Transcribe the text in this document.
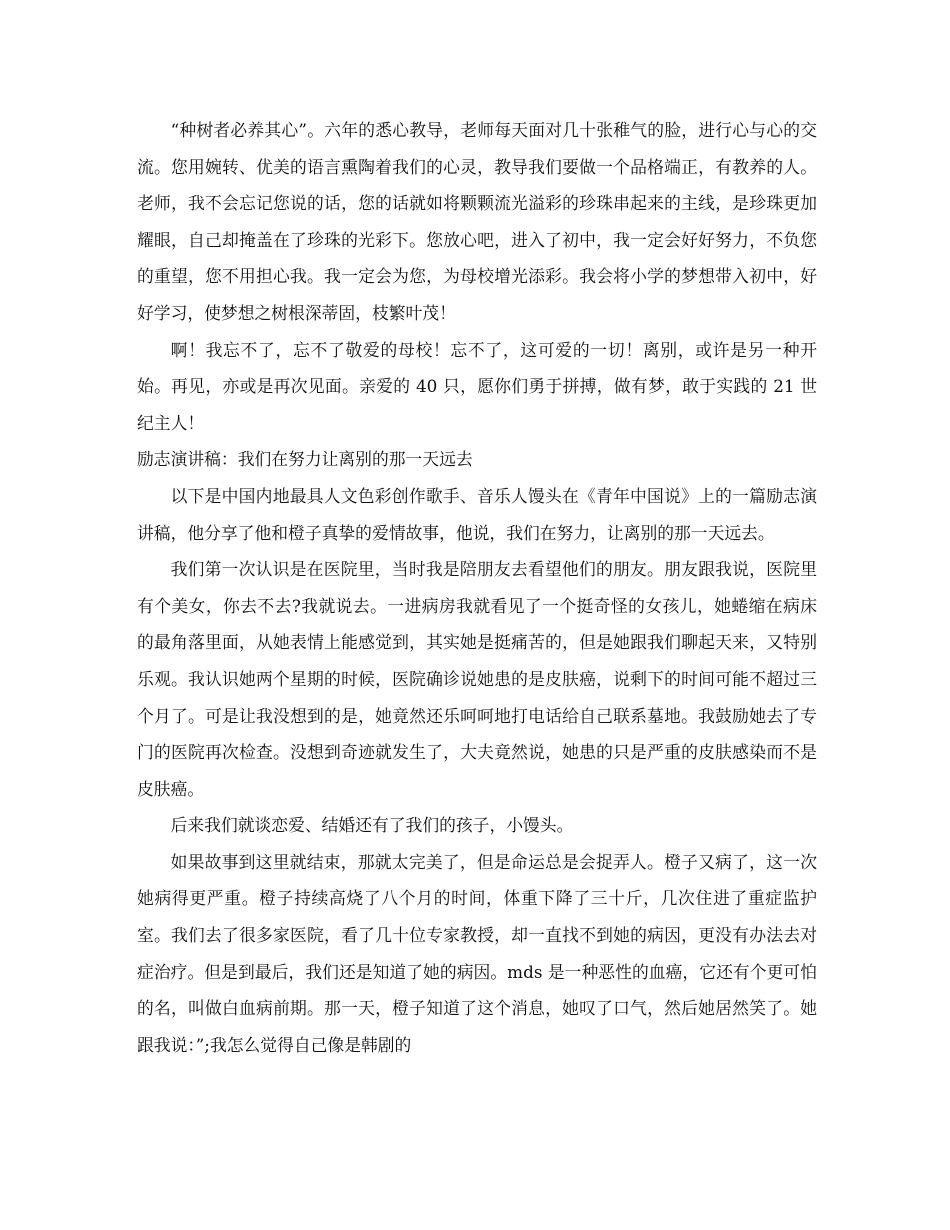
“种树者必养其心”。六年的悉心教导，老师每天面对几十张稚气的脸，进行心与心的交流。您用婉转、优美的语言熏陶着我们的心灵，教导我们要做一个品格端正，有教养的人。老师，我不会忘记您说的话，您的话就如将颗颗流光溢彩的珍珠串起来的主线，是珍珠更加耀眼，自己却掩盖在了珍珠的光彩下。您放心吧，进入了初中，我一定会好好努力，不负您的重望，您不用担心我。我一定会为您，为母校增光添彩。我会将小学的梦想带入初中，好好学习，使梦想之树根深蒂固，枝繁叶茂！

啊！我忘不了，忘不了敬爱的母校！忘不了，这可爱的一切！离别，或许是另一种开始。再见，亦或是再次见面。亲爱的 40 只，愿你们勇于拼搏，做有梦，敢于实践的 21 世纪主人！

励志演讲稿：我们在努力让离别的那一天远去

以下是中国内地最具人文色彩创作歌手、音乐人馒头在《青年中国说》上的一篇励志演讲稿，他分享了他和橙子真挚的爱情故事，他说，我们在努力，让离别的那一天远去。

我们第一次认识是在医院里，当时我是陪朋友去看望他们的朋友。朋友跟我说，医院里有个美女，你去不去?我就说去。一进病房我就看见了一个挺奇怪的女孩儿，她蜷缩在病床的最角落里面，从她表情上能感觉到，其实她是挺痛苦的，但是她跟我们聊起天来，又特别乐观。我认识她两个星期的时候，医院确诊说她患的是皮肤癌，说剩下的时间可能不超过三个月了。可是让我没想到的是，她竟然还乐呵呵地打电话给自己联系墓地。我鼓励她去了专门的医院再次检查。没想到奇迹就发生了，大夫竟然说，她患的只是严重的皮肤感染而不是皮肤癌。

后来我们就谈恋爱、结婚还有了我们的孩子，小馒头。

如果故事到这里就结束，那就太完美了，但是命运总是会捉弄人。橙子又病了，这一次她病得更严重。橙子持续高烧了八个月的时间，体重下降了三十斤，几次住进了重症监护室。我们去了很多家医院，看了几十位专家教授，却一直找不到她的病因，更没有办法去对症治疗。但是到最后，我们还是知道了她的病因。mds 是一种恶性的血癌，它还有个更可怕的名，叫做白血病前期。那一天，橙子知道了这个消息，她叹了口气，然后她居然笑了。她跟我说：”;我怎么觉得自己像是韩剧的
